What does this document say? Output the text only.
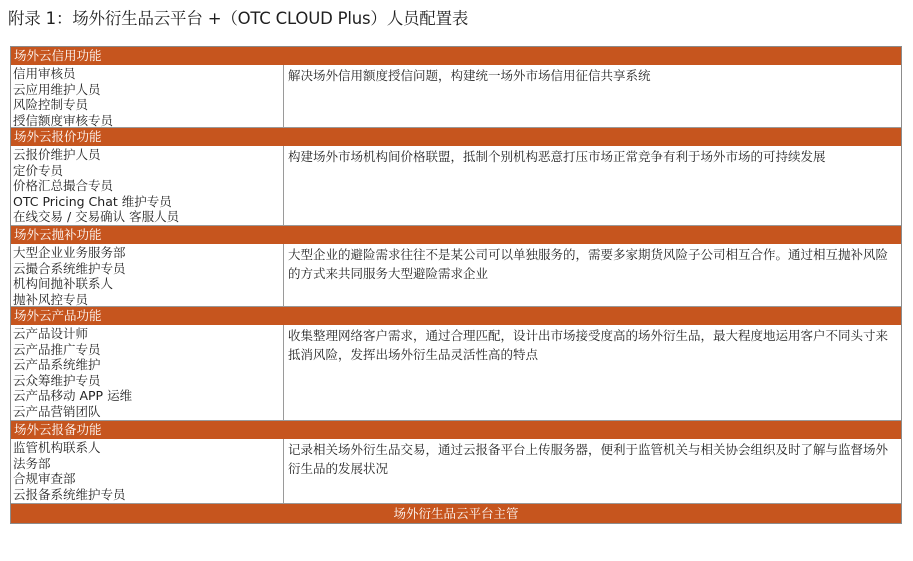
附录 1：场外衍生品云平台 +（OTC CLOUD Plus）人员配置表
场外云信用功能
信用审核员
云应用维护人员
风险控制专员
授信额度审核专员
解决场外信用额度授信问题，构建统一场外市场信用征信共享系统
场外云报价功能
云报价维护人员
定价专员
价格汇总撮合专员
OTC Pricing Chat 维护专员
在线交易 / 交易确认 客服人员
构建场外市场机构间价格联盟，抵制个别机构恶意打压市场正常竞争有利于场外市场的可持续发展
场外云抛补功能
大型企业业务服务部
云撮合系统维护专员
机构间抛补联系人
抛补风控专员
大型企业的避险需求往往不是某公司可以单独服务的，需要多家期货风险子公司相互合作。通过相互抛补风险的方式来共同服务大型避险需求企业
场外云产品功能
云产品设计师
云产品推广专员
云产品系统维护
云众筹维护专员
云产品移动 APP 运维
云产品营销团队
收集整理网络客户需求，通过合理匹配，设计出市场接受度高的场外衍生品，最大程度地运用客户不同头寸来抵消风险，发挥出场外衍生品灵活性高的特点
场外云报备功能
监管机构联系人
法务部
合规审查部
云报备系统维护专员
记录相关场外衍生品交易，通过云报备平台上传服务器，便利于监管机关与相关协会组织及时了解与监督场外衍生品的发展状况
场外衍生品云平台主管
